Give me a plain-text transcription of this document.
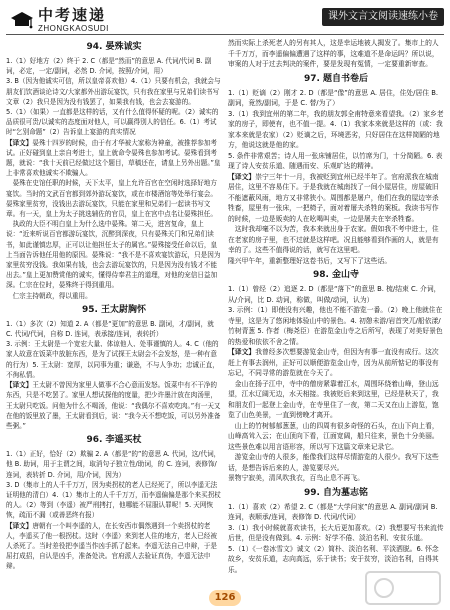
中考速递
ZHONGKAOSUDI
课外文言文阅读速练小卷

94. 晏殊诚实

1.（1）好地方（2）终于 2. C（都是“然而”的意思 A. 代词/代词 B. 副词，必定，一定/副词，必然 D. 介词，按照/介词，用）

3. B（因为他诚实可信，所以皇帝喜欢他）4.（1）只要有机会，我就会与朋友们饮酒谈论诗文/大家都外出游玩宴饮，只有我在家里与兄弟们读书写文章（2）我只是因为没有钱罢了，如果我有钱，也会去宴游的。

5.（1）（如果）一直都是这样的话，又有什么值得怀疑的呢。（2）诚实的品质很可贵/以诚实的态度面对他人，可以赢得别人的信任。6.（1）考试时“乞别命题”（2）告诉皇上宴游的真实情况

【译文】晏殊十四岁的时候，由于有才华被大家称为神童，被推荐参加考试。正好碰到皇上亲自考进士，皇上就命令晏殊也参加考试。晏殊看到考题，就说：“我十天前已经做过这个题目，草稿还在，请皇上另外出题。”皇上非常喜欢他诚实不欺骗人。

晏殊在史馆任职的时候，天下太平，皇上允许百官在空闲时选择好地方宴饮。当时的文武百官都到郊外游玩宴饮，或在市楼酒馆等处举行宴会。晏殊家里贫穷，没钱出去游玩宴饮，只能在家里和兄弟们一起读书写文章。有一天，皇上为太子挑选辅佐的官员，皇上在宫中点名让晏殊担任。

执政的大臣不明白皇上为什么选中晏殊。第二天，进宫复命，皇上说：“近来听说百官都游玩宴饮，沉醉到深夜，只有晏殊关门和兄弟们读书，如此谨慎忠厚，正可以让他担任太子的属官。”晏殊接受任命以后，皇上当面告诉他任用他的原因。晏殊说：“我不是不喜欢宴饮游玩，只是因为家里贫穷没钱。我如果有钱，也会去游玩宴饮的，只是因为没有钱才不能出去。”皇上更加赞赏他的诚实，懂得侍奉君主的道理，对他的宠信日益加深。仁宗在位时，晏殊终于得到重用。

仁宗主持朝政，得以重用。

95. 王太尉胸怀

1.（1）多次（2）知道 2. A（都是“更加”的意思 B. 副词，才/副词，就 C. 代词/代词，自称 D. 连词，表承接/连词，表转折）

3. 示例：王太尉是一个宽宏大量、体谅他人、处事谨慎的人。4. C（他的家人故意在饭菜中放脏东西，是为了试探王太尉会不会发怒，是一种有意的行为）5. 王太尉：宽厚，以同事为重；谦逊，不与人争功；忠诚正直，不徇私情。

【译文】王太尉不曾因为家里人做事不合心意而发怒。饭菜中有不干净的东西，只是不吃罢了。家里人想试探他的度量，把少许墨汁放在肉汤里，王太尉只吃饭。问他为什么不喝汤，他说：“我偶尔不喜欢吃肉。”有一天又在他的饭里放了墨，王太尉看到后，说：“我今天不想吃饭，可以另外准备些粥。”

96. 李遥买杖

1.（1）正好，恰好（2）欺骗 2. A（都是“的”的意思 A. 代词，这/代词，他 B. 助词，用于主谓之间，取消句子独立性/助词，的 C. 连词，表修饰/连词，表转折 D. 介词，用/介词，因为）

3. D（集市上的人千千万万，因为卖拐杖的老人已经死了，所以李遥无法证明他的清白）4.（1）集市上的人千千万万，而李遥偏偏是那个来买拐杖的人。（2）等到（李遥）被严刑拷打，他哪能不屈服认罪呢！5. 天网恢恢，疏而不漏（或善恶终有报）

【译文】唐朝有一个叫李遥的人，在长安西市偶然遇到一个卖拐杖的老人，李遥买了他一根拐杖。这时（李遥）来到老人住的地方，老人已经被人杀死了。当时差役把李遥当作凶手抓了起来。李遥无法自己申辩，于是屈打成招，自认是凶手，准备处决。官府派人去验证真伪，李遥无法申辩。

然而实际上杀死老人的另有其人，这是幸运地被人揭发了。集市上的人千千万万，而李遥偏偏遭遇了这样的事，这难道不是命运吗？所以说，审案的人对于过去判决的案件，要是发现有冤情，一定要重新审查。

97. 题自书卷后

1.（1）贬谪（2）刚才 2. D（都是“像”的意思 A. 居住，住处/居住 B. 副词，竟然/副词，于是 C. 替/为了）

3.（1）我到宜州的第二年，我的朋友郭全甫特意来看望我。（2）家乡老家的房子，即使有，也不值一提。4.（1）我家本来就是这样的（或：我家本来就是农家）（2）贬谪之后，环境恶劣，只好居住在这样简陋的地方，他说这就是他的家。

5. 条件非常艰苦；诗人用一张床铺居住，以竹席为门，十分简陋。6. 表现了诗人安贫乐道、随遇而安、乐观旷达的精神。

【译文】崇宁三年十一月，我被贬到宜州已经半年了。官府派我在城南居住，这里不容易住下。于是我就在城南找了一间小屋居住，房屋破旧不能遮蔽风雨，地方又非常狭小。周围都是屠户，他们在我的屋边宰杀牲畜，屋里有一张床，一把椅子，面对着屠夫杀牲的案板。我读书写作的时候，一边是贩卖的人在吆喝叫卖，一边是屠夫在宰杀牲畜。

这时我却毫不以为苦，我本来就出身于农家。假如我不考中进士，住在老家的房子里，也不过就是这样吧。况且能够看到作画的人，就是有幸的了。这些不值得说的话，就写在这里吧。

隆兴甲午年，重新整理好这卷书后，又写下了这些话。

98. 金山寺

1.（1）曾经（2）追逐 2. D（都是“落下”的意思 B. 梳/结束 C. 介词，从/介词，比 D. 动词，称做，叫做/动词，认为）

3. 示例：（1）即使没有兴趣，他也不能不游览一番。（2）晚上他就住在寺里，这是为了悠闲地体验山中的景色。4. 初憩未游/岩首突兀/船依漾/竹树青葱 5. 作者（梅尧臣）在游览金山寺之后所写，表现了对美好景色的热爱和依依不舍之情。

【译文】我曾经多次想要游览金山寺，但因为有事一直没有成行。这次赶上有事去润州，正好可以顺便游览金山寺，因为从前所惦记的事没有忘记，不同寻常的游览就在今天了。

金山在扬子江中，寺中的僧房紧靠着江水，周围环绕着山峰，登山远望，江水辽阔无边，水天相接。我被贬后来到这里，已经是秋天了，我和朋友们一起登上金山寺，在寺里住了一夜，第二天又在山上游览，饱览了山色美景，一直到傍晚才离开。

山上的竹树郁郁葱葱，山的四周有很多奇怪的石头，在山下向上看，山峰高耸入云；在山顶向下看，江面宽阔，船只往来，景色十分美丽。这些景色难以用言语形容，所以写下这篇文章来记录它。

游览金山寺的人很多，能像我们这样尽情游览的人很少。我写下这些话，是想告诉后来的人，游览要尽兴。

景物宁寂美，清风吹我衣，百鸟止息不再飞。

99. 自为墓志铭

1.（1）喜欢（2）希望 2. C（都是“大学问家”的意思 A. 副词/副词 B. 连词，表顺承/连词，表修饰 D. 代词/代词）

3.（1）我小时候就喜欢读书，长大后更加喜欢。（2）我想要写书来流传后世，但是没有做到。4. 示例：好学不倦、淡泊名利、安贫乐道。

5.（1）《一卷冰雪文》诚文（2）简朴、淡泊名利、平淡洒脱。6. 怀念故乡，安贫乐道，志向高远，乐于读书；安于贫穷，淡泊名利，自得其乐。

126
